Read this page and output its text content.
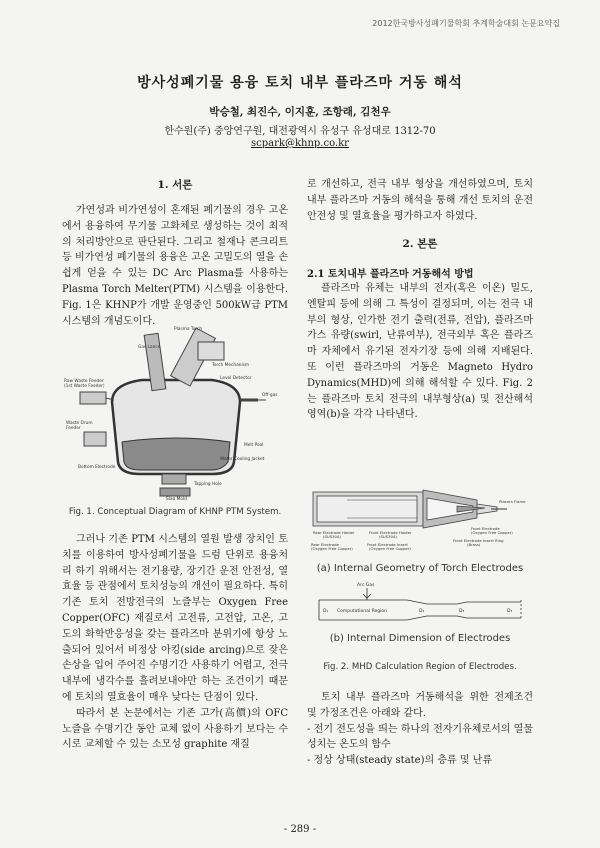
2012한국방사성폐기물학회 추계학술대회 논문요약집
방사성폐기물 용융 토치 내부 플라즈마 거동 해석
박승철, 최진수, 이지훈, 조항래, 김천우
한수원(주) 중앙연구원, 대전광역시 유성구 유성대로 1312-70
scpark@khnp.co.kr
1. 서론

가연성과 비가연성이 혼재된 폐기물의 경우 고온에서 용융하여 무기물 고화체로 생성하는 것이 최적의 처리방안으로 판단된다. 그리고 철재나 콘크리트 등 비가연성 폐기물의 용융은 고온 고밀도의 열을 손쉽게 얻을 수 있는 DC Arc Plasma를 사용하는 Plasma Torch Melter(PTM) 시스템을 이용한다. Fig. 1은 KHNP가 개발 운영중인 500kW급 PTM 시스템의 개념도이다.

Plasma Torch
Gas Lance
Torch Mechanism
Level Detector
Off-gas
Raw Waste Feeder
(1st Waste Feeder)
Waste Drum
Feeder
Melt Pool
Water Cooling Jacket
Bottom Electrode
Tapping Hole
Slag Mold
Fig. 1. Conceptual Diagram of KHNP PTM System.

그러나 기존 PTM 시스템의 열원 발생 장치인 토치를 이용하여 방사성폐기물을 드럼 단위로 용융처리 하기 위해서는 전기용량, 장기간 운전 안전성, 열효율 등 관점에서 토치성능의 개선이 필요하다. 특히 기존 토치 전방전극의 노즐부는 Oxygen Free Copper(OFC) 재질로서 고전류, 고전압, 고온, 고도의 화학반응성을 갖는 플라즈마 분위기에 항상 노출되어 있어서 비정상 아킹(side arcing)으로 잦은 손상을 입어 주어진 수명기간 사용하기 어렵고, 전극 내부에 냉각수를 흘려보내야만 하는 조건이기 때문에 토치의 열효율이 매우 낮다는 단점이 있다.

따라서 본 논문에서는 기존 고가(高價)의 OFC 노즐을 수명기간 동안 교체 없이 사용하기 보다는 수시로 교체할 수 있는 소모성 graphite 재질

로 개선하고, 전극 내부 형상을 개선하였으며, 토치 내부 플라즈마 거동의 해석을 통해 개선 토치의 운전 안전성 및 열효율을 평가하고자 하였다.

2. 본론
2.1 토치내부 플라즈마 거동해석 방법

플라즈마 유체는 내부의 전자(혹은 이온) 밀도, 엔탈피 등에 의해 그 특성이 결정되며, 이는 전극 내부의 형상, 인가한 전기 출력(전류, 전압), 플라즈마 가스 유량(swirl, 난류여부), 전극외부 혹은 플라즈마 자체에서 유기된 전자기장 등에 의해 지배된다. 또 이런 플라즈마의 거동은 Magneto Hydro Dynamics(MHD)에 의해 해석할 수 있다. Fig. 2는 플라즈마 토치 전극의 내부형상(a) 및 전산해석 영역(b)을 각각 나타낸다.

Plasma Flame
Rear Electrode Holder
(SUS304)
Front Electrode Holder
(SUS304)
Front Electrode
(Oxygen Free Copper)
Rear Electrode
(Oxygen Free Copper)
Front Electrode Insert
(Oxygen Free Copper)
Front Electrode Insert Ring
(Brass)
(a) Internal Geometry of Torch Electrodes
Arc Gas
Computational Region
D₁	D₂	D₃	D₄
(b) Internal Dimension of Electrodes
Fig. 2. MHD Calculation Region of Electrodes.

토치 내부 플라즈마 거동해석을 위한 전제조건 및 가정조건은 아래와 같다.

- 전기 전도성을 띄는 하나의 전자기유체로서의 열물성치는 온도의 함수

- 정상 상태(steady state)의 층류 및 난류

- 289 -
